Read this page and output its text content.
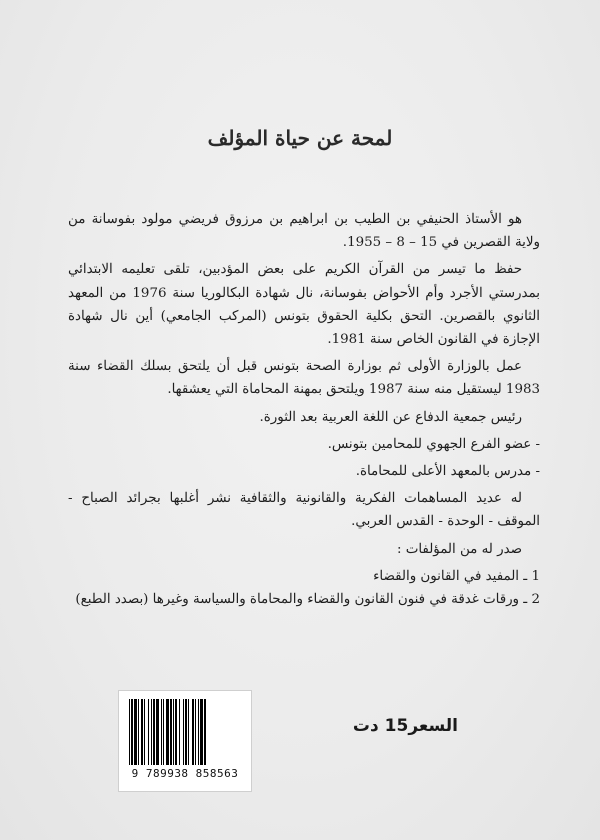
لمحة عن حياة المؤلف

هو الأستاذ الحنيفي بن الطيب بن ابراهيم بن مرزوق فريضي مولود بفوسانة من ولاية القصرين في 15 – 8 – 1955.

حفظ ما تيسر من القرآن الكريم على بعض المؤدبين، تلقى تعليمه الابتدائي بمدرستي الأجرد وأم الأحواض بفوسانة، نال شهادة البكالوريا سنة 1976 من المعهد الثانوي بالقصرين. التحق بكلية الحقوق بتونس (المركب الجامعي) أين نال شهادة الإجازة في القانون الخاص سنة 1981.

عمل بالوزارة الأولى ثم بوزارة الصحة بتونس قبل أن يلتحق بسلك القضاء سنة 1983 ليستقيل منه سنة 1987 ويلتحق بمهنة المحاماة التي يعشقها.

رئيس جمعية الدفاع عن اللغة العربية بعد الثورة.

- عضو الفرع الجهوي للمحامين بتونس.

- مدرس بالمعهد الأعلى للمحاماة.

له عديد المساهمات الفكرية والقانونية والثقافية نشر أغلبها بجرائد الصباح - الموقف - الوحدة - القدس العربي.

صدر له من المؤلفات :

1 ـ المفيد في القانون والقضاء
2 ـ ورقات غدقة في فنون القانون والقضاء والمحاماة والسياسة وغيرها (بصدد الطبع)
9 789938 858563
السعر15 دت
